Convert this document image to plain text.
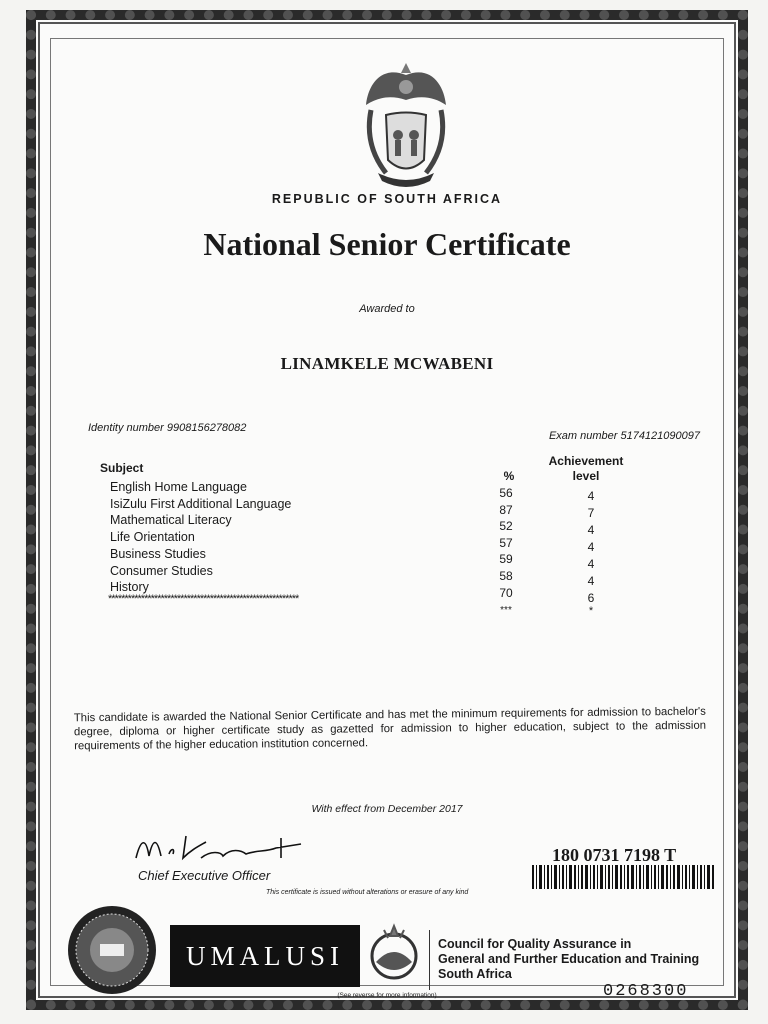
REPUBLIC OF SOUTH AFRICA
National Senior Certificate
Awarded to
LINAMKELE MCWABENI
Identity number 9908156278082
Exam number 5174121090097
Subject
%
Achievement
level
English Home Language
IsiZulu First Additional Language
Mathematical Literacy
Life Orientation
Business Studies
Consumer Studies
History
56
87
52
57
59
58
70
4
7
4
4
4
4
6
**********************************************************
***	*
This candidate is awarded the National Senior Certificate and has met the minimum requirements for admission to bachelor's degree, diploma or higher certificate study as gazetted for admission to higher education, subject to the admission requirements of the higher education institution concerned.
With effect from December 2017
Chief Executive Officer
180 0731 7198 T
This certificate is issued without alterations or erasure of any kind
UMALUSI	Council for Quality Assurance in
General and Further Education and Training
South Africa
0268300
(See reverse for more information)
